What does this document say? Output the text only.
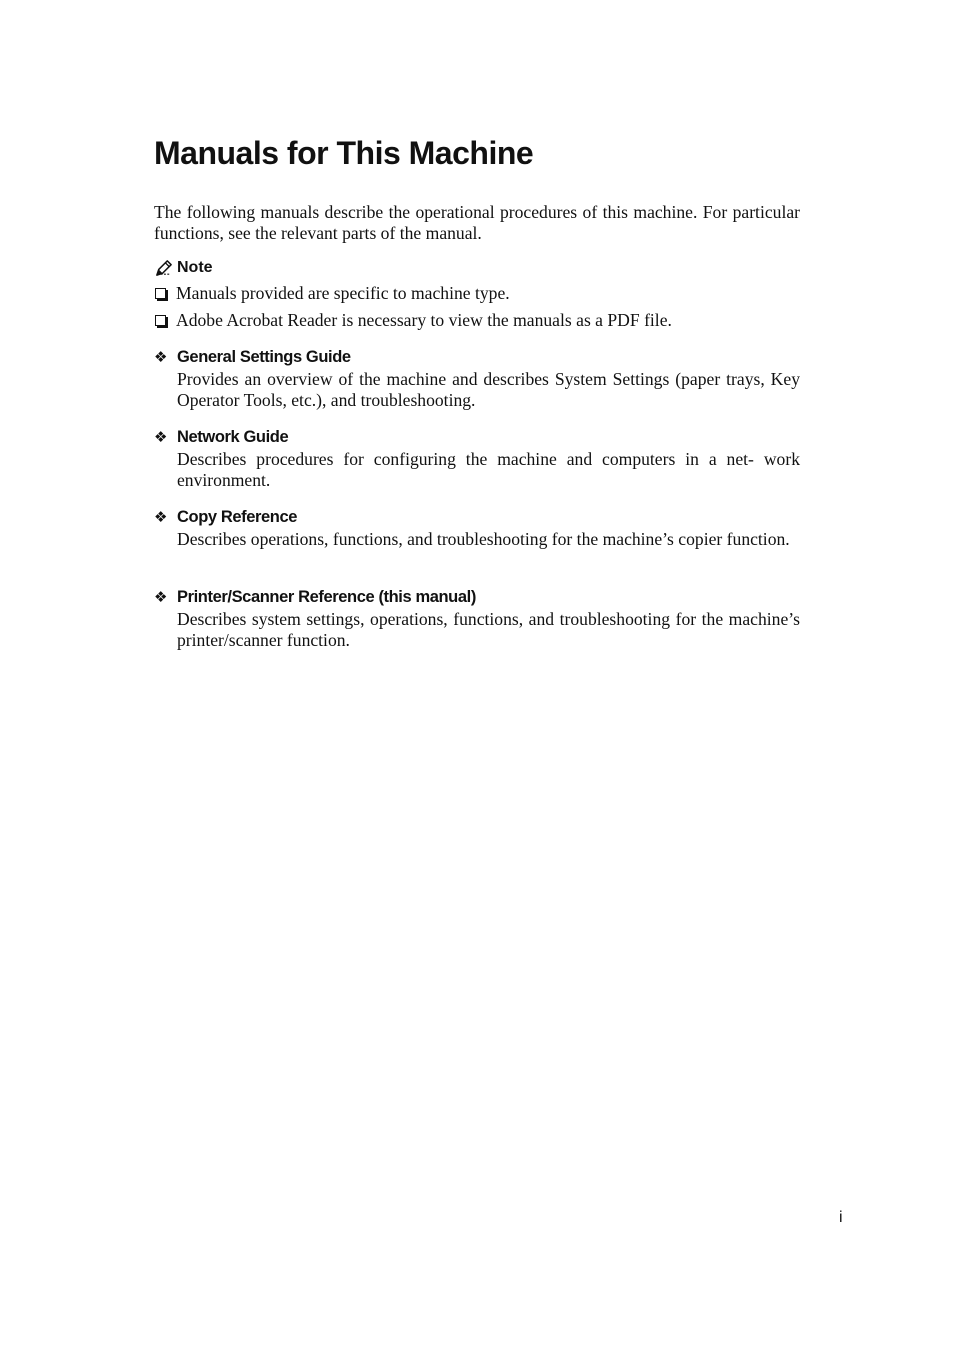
Manuals for This Machine

The following manuals describe the operational procedures of this machine. For particular functions, see the relevant parts of the manual.

Note
Manuals provided are specific to machine type.
Adobe Acrobat Reader is necessary to view the manuals as a PDF file.
❖ General Settings Guide
Provides an overview of the machine and describes System Settings (paper trays, Key Operator Tools, etc.), and troubleshooting.
❖ Network Guide
Describes procedures for configuring the machine and computers in a net- work environment.
❖ Copy Reference
Describes operations, functions, and troubleshooting for the machine’s copier function.
❖ Printer/Scanner Reference (this manual)
Describes system settings, operations, functions, and troubleshooting for the machine’s printer/scanner function.
i
